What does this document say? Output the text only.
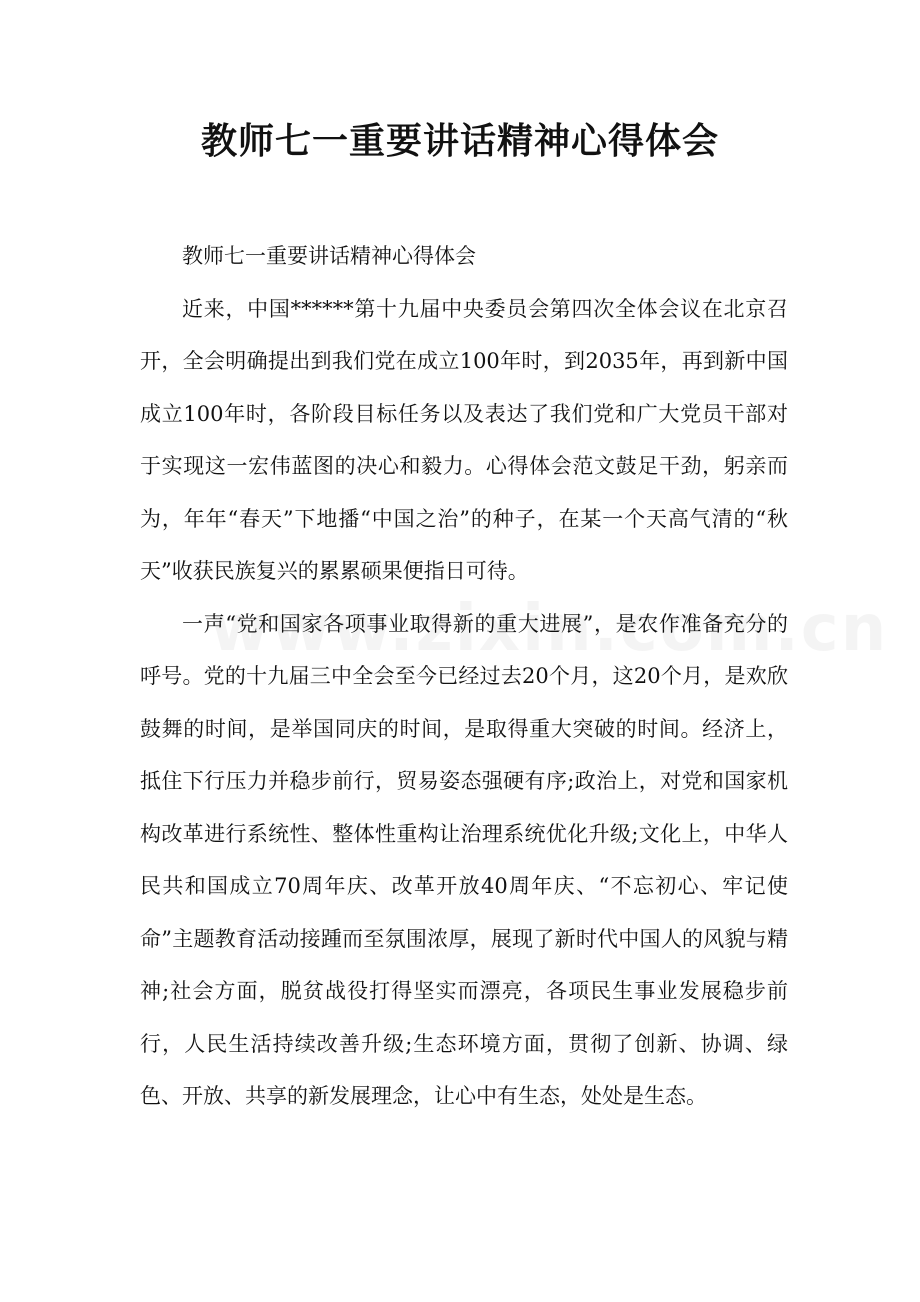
教师七一重要讲话精神心得体会

教师七一重要讲话精神心得体会

近来，中国******第十九届中央委员会第四次全体会议在北京召开，全会明确提出到我们党在成立100年时，到2035年，再到新中国成立100年时，各阶段目标任务以及表达了我们党和广大党员干部对于实现这一宏伟蓝图的决心和毅力。心得体会范文鼓足干劲，躬亲而为，年年“春天”下地播“中国之治”的种子，在某一个天高气清的“秋天”收获民族复兴的累累硕果便指日可待。

一声“党和国家各项事业取得新的重大进展”，是农作准备充分的呼号。党的十九届三中全会至今已经过去20个月，这20个月，是欢欣鼓舞的时间，是举国同庆的时间，是取得重大突破的时间。经济上，抵住下行压力并稳步前行，贸易姿态强硬有序;政治上，对党和国家机构改革进行系统性、整体性重构让治理系统优化升级;文化上，中华人民共和国成立70周年庆、改革开放40周年庆、“不忘初心、牢记使命”主题教育活动接踵而至氛围浓厚，展现了新时代中国人的风貌与精神;社会方面，脱贫战役打得坚实而漂亮，各项民生事业发展稳步前行，人民生活持续改善升级;生态环境方面，贯彻了创新、协调、绿色、开放、共享的新发展理念，让心中有生态，处处是生态。
